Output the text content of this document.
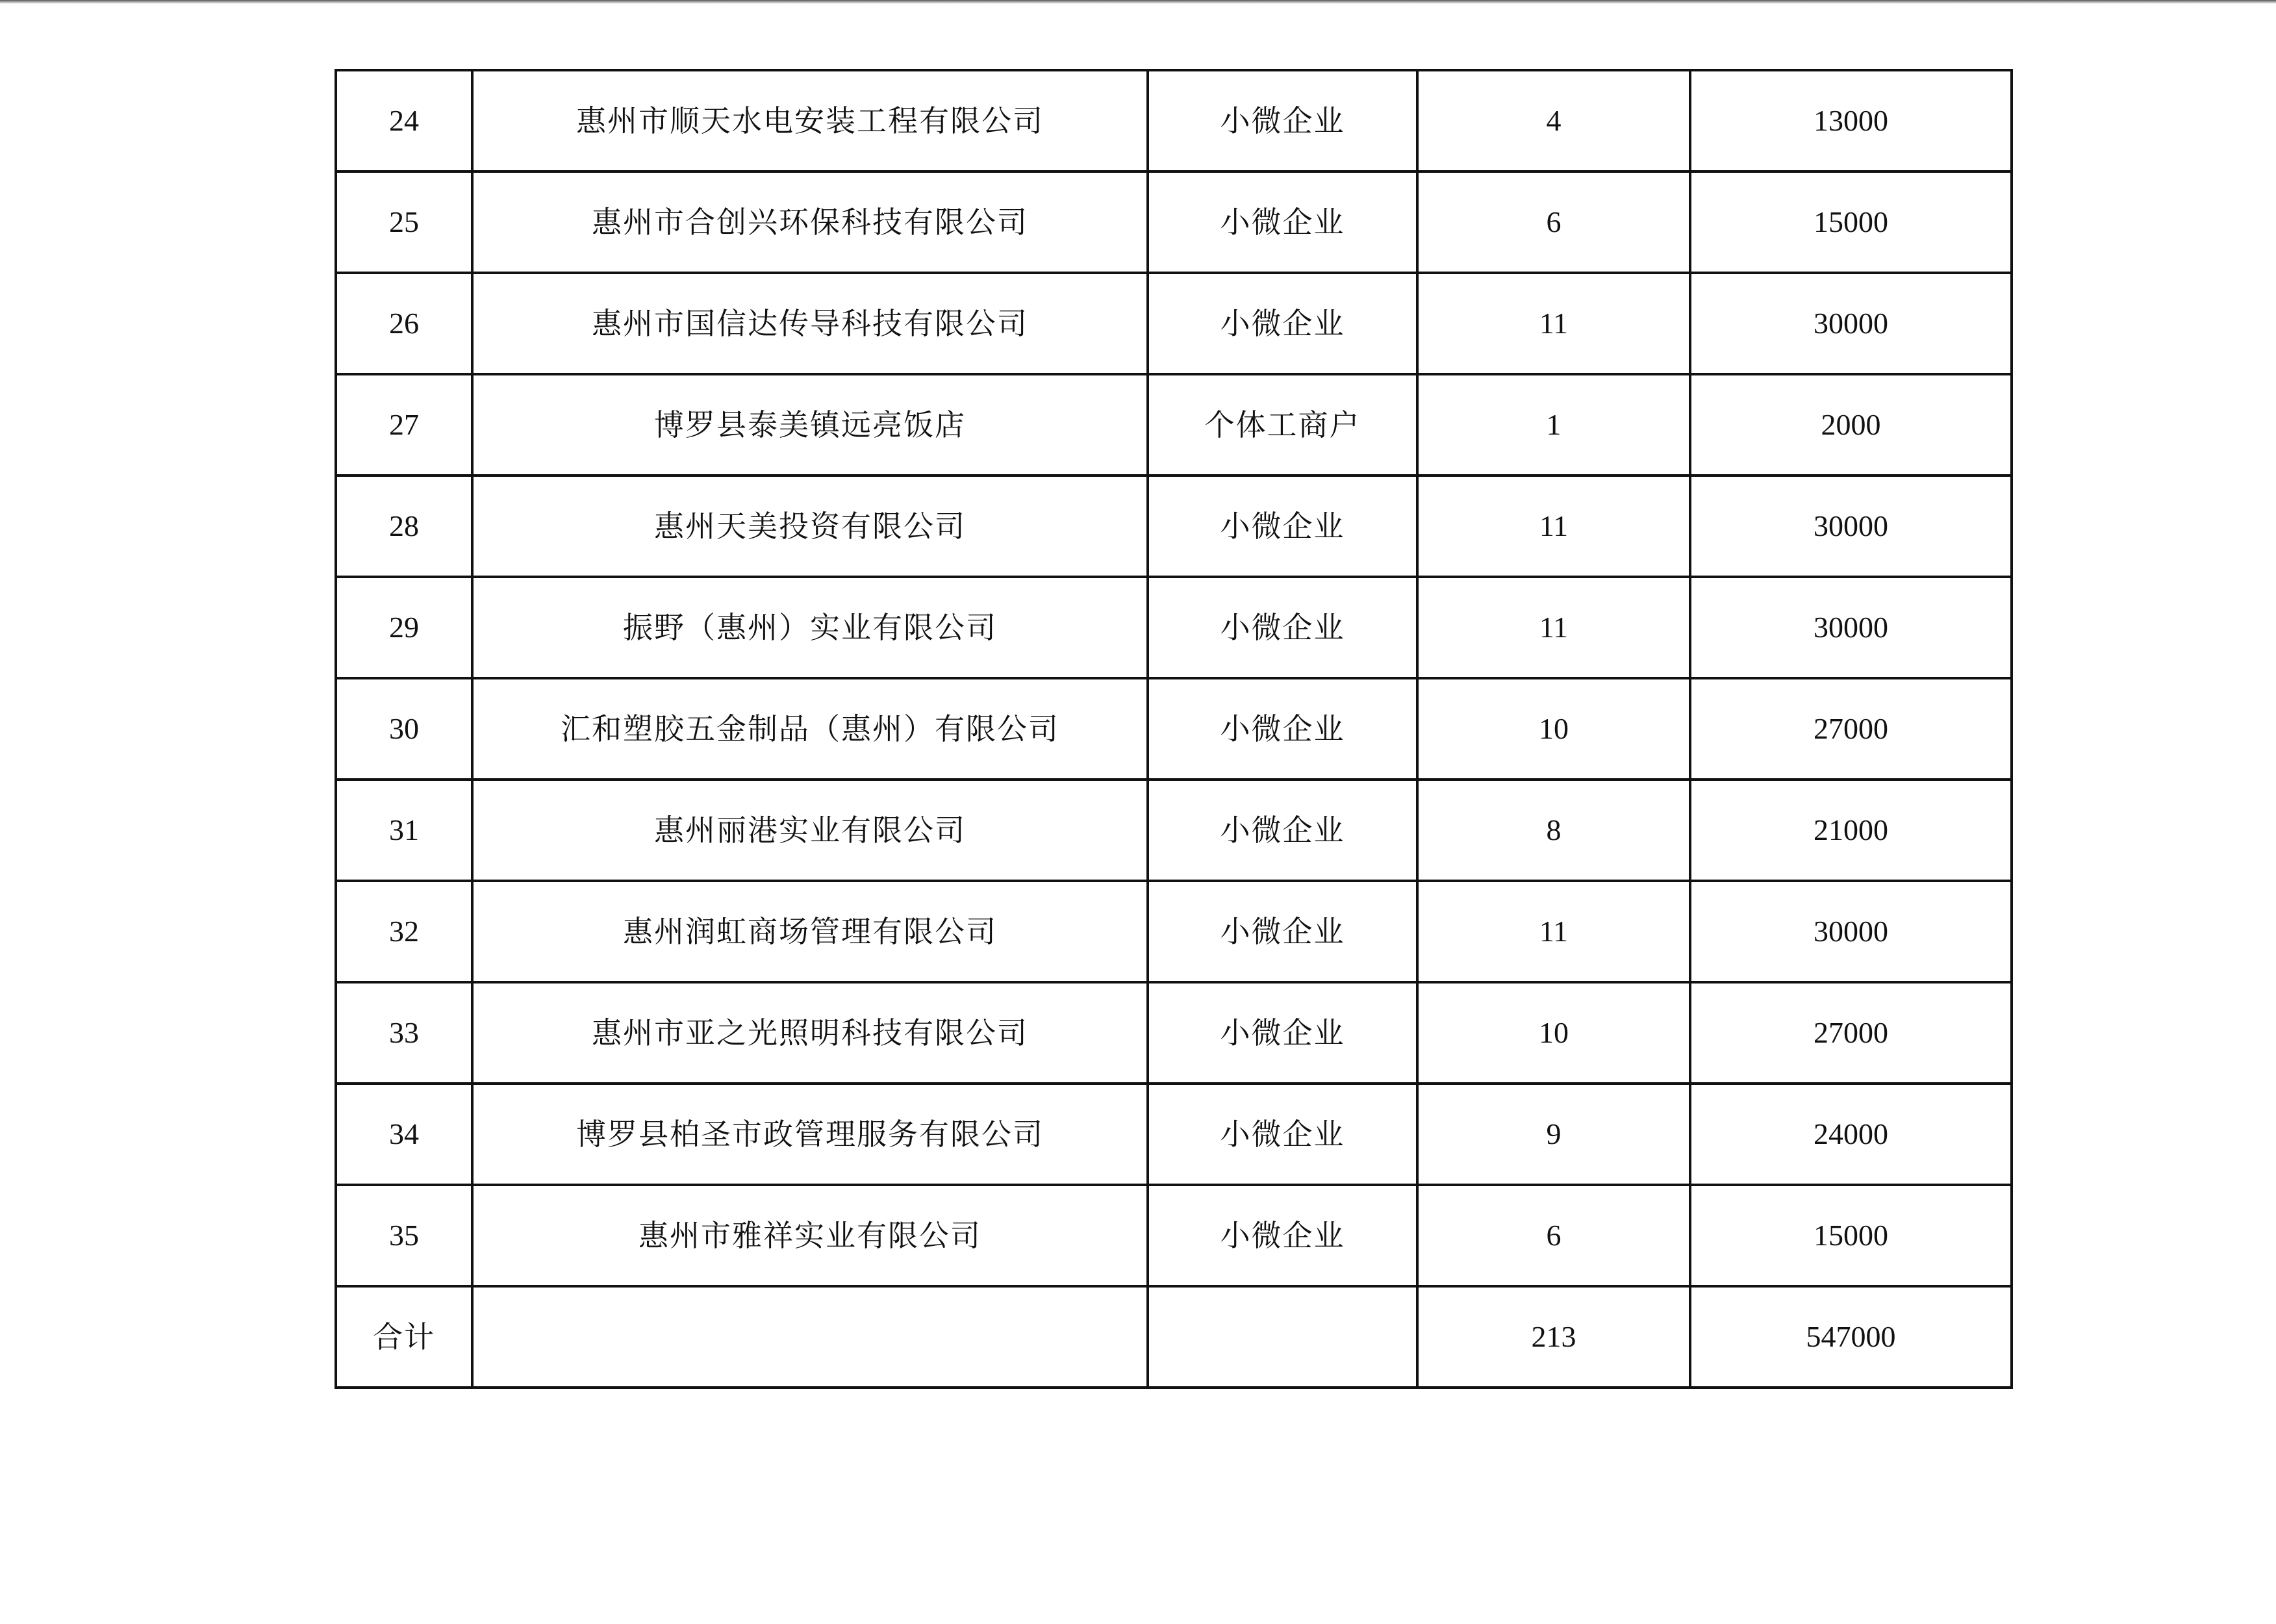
24	惠州市顺天水电安装工程有限公司	小微企业	4	13000
25	惠州市合创兴环保科技有限公司	小微企业	6	15000
26	惠州市国信达传导科技有限公司	小微企业	11	30000
27	博罗县泰美镇远亮饭店	个体工商户	1	2000
28	惠州天美投资有限公司	小微企业	11	30000
29	振野（惠州）实业有限公司	小微企业	11	30000
30	汇和塑胶五金制品（惠州）有限公司	小微企业	10	27000
31	惠州丽港实业有限公司	小微企业	8	21000
32	惠州润虹商场管理有限公司	小微企业	11	30000
33	惠州市亚之光照明科技有限公司	小微企业	10	27000
34	博罗县柏圣市政管理服务有限公司	小微企业	9	24000
35	惠州市雅祥实业有限公司	小微企业	6	15000
合计			213	547000
